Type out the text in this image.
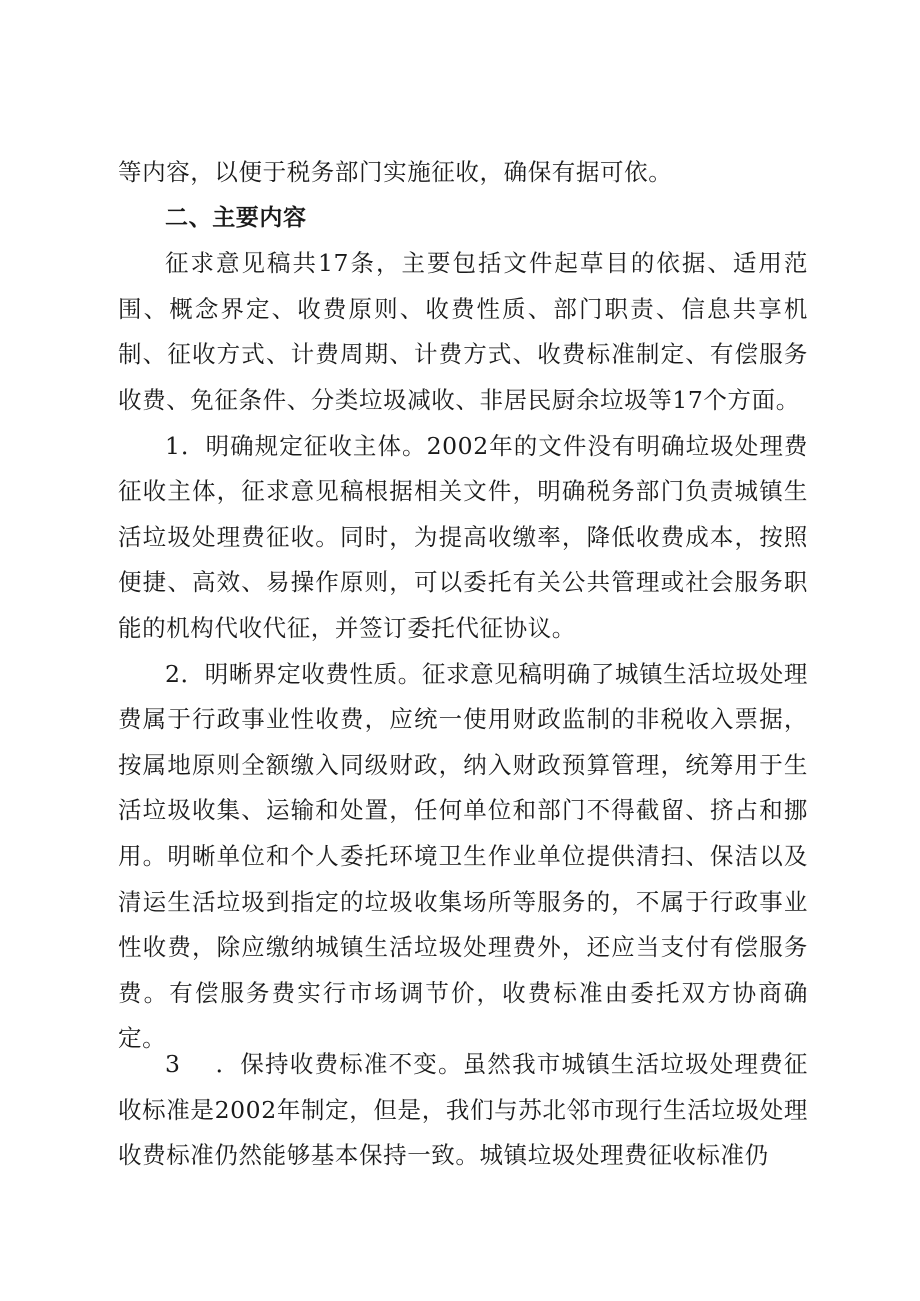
等内容，以便于税务部门实施征收，确保有据可依。

二、主要内容

征求意见稿共17条，主要包括文件起草目的依据、适用范围、概念界定、收费原则、收费性质、部门职责、信息共享机制、征收方式、计费周期、计费方式、收费标准制定、有偿服务收费、免征条件、分类垃圾减收、非居民厨余垃圾等17个方面。

1．明确规定征收主体。2002年的文件没有明确垃圾处理费征收主体，征求意见稿根据相关文件，明确税务部门负责城镇生活垃圾处理费征收。同时，为提高收缴率，降低收费成本，按照便捷、高效、易操作原则，可以委托有关公共管理或社会服务职能的机构代收代征，并签订委托代征协议。

2．明晰界定收费性质。征求意见稿明确了城镇生活垃圾处理费属于行政事业性收费，应统一使用财政监制的非税收入票据，按属地原则全额缴入同级财政，纳入财政预算管理，统筹用于生活垃圾收集、运输和处置，任何单位和部门不得截留、挤占和挪用。明晰单位和个人委托环境卫生作业单位提供清扫、保洁以及清运生活垃圾到指定的垃圾收集场所等服务的，不属于行政事业性收费，除应缴纳城镇生活垃圾处理费外，还应当支付有偿服务费。有偿服务费实行市场调节价，收费标准由委托双方协商确定。

3 ．保持收费标准不变。虽然我市城镇生活垃圾处理费征收标准是2002年制定，但是，我们与苏北邻市现行生活垃圾处理收费标准仍然能够基本保持一致。城镇垃圾处理费征收标准仍
